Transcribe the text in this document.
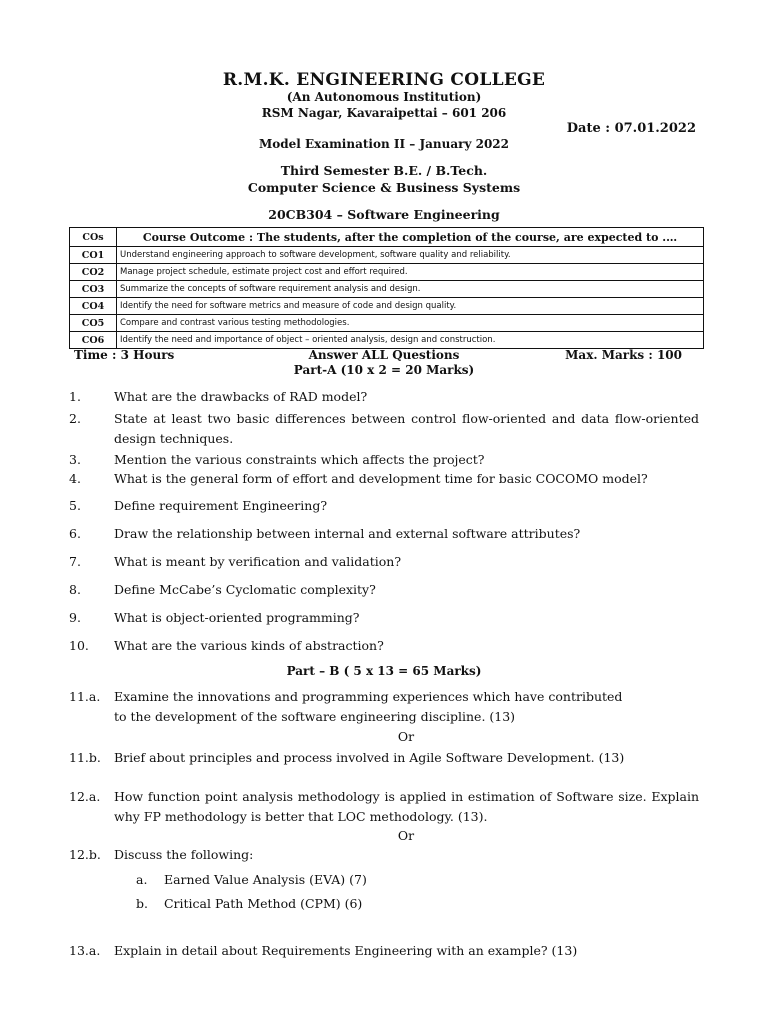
R.M.K. ENGINEERING COLLEGE
(An Autonomous Institution)
RSM Nagar, Kavaraipettai – 601 206
Date : 07.01.2022
Model Examination II – January 2022
Third Semester B.E. / B.Tech.
Computer Science & Business Systems
20CB304 – Software Engineering
COs	Course Outcome : The students, after the completion of the course, are expected to .…
CO1	Understand engineering approach to software development, software quality and reliability.
CO2	Manage project schedule, estimate project cost and effort required.
CO3	Summarize the concepts of software requirement analysis and design.
CO4	Identify the need for software metrics and measure of code and design quality.
CO5	Compare and contrast various testing methodologies.
CO6	Identify the need and importance of object – oriented analysis, design and construction.
Time : 3 Hours	Answer ALL Questions	Max. Marks : 100
Part-A (10 x 2 = 20 Marks)
1.	What are the drawbacks of RAD model?
2.	State at least two basic differences between control flow-oriented and data flow-oriented design techniques.
3.	Mention the various constraints which affects the project?
4.	What is the general form of effort and development time for basic COCOMO model?
5.	Define requirement Engineering?
6.	Draw the relationship between internal and external software attributes?
7.	What is meant by verification and validation?
8.	Define McCabe’s Cyclomatic complexity?
9.	What is object-oriented programming?
10. What are the various kinds of abstraction?
Part – B ( 5 x 13 = 65 Marks)
11.a. Examine the innovations and programming experiences which have contributed
to the development of the software engineering discipline. (13)
Or
11.b. Brief about principles and process involved in Agile Software Development. (13)
12.a. How function point analysis methodology is applied in estimation of Software size. Explain why FP methodology is better that LOC methodology. (13).
Or
12.b. Discuss the following:
a. Earned Value Analysis (EVA) (7)
b. Critical Path Method (CPM) (6)
13.a. Explain in detail about Requirements Engineering with an example? (13)
